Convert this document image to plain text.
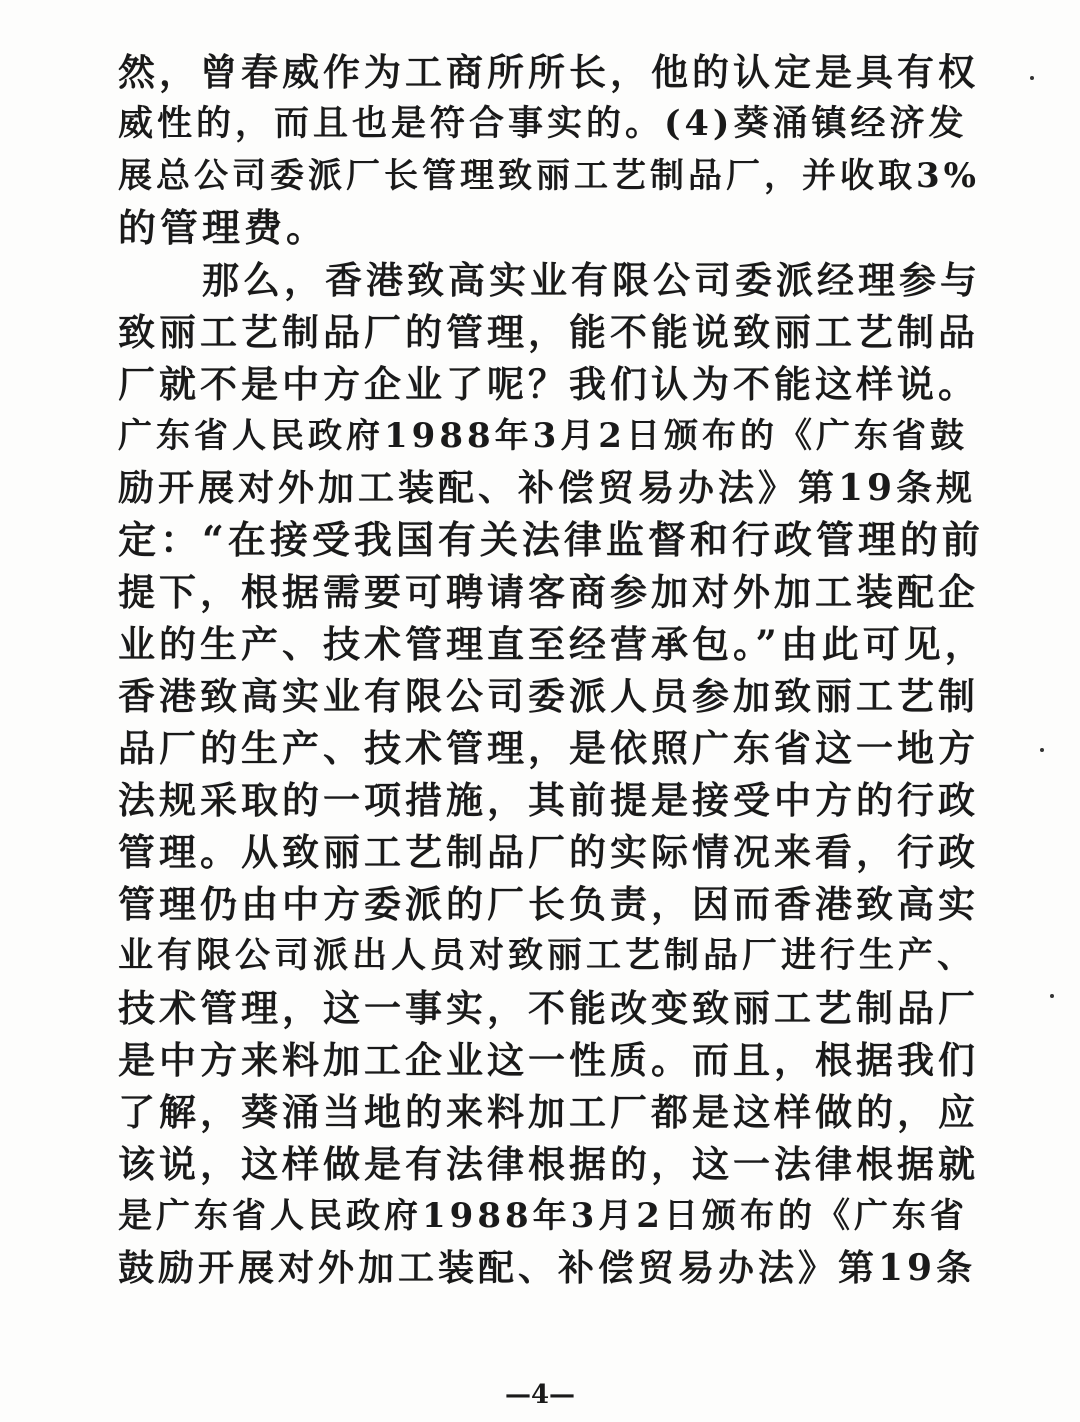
然，曾春威作为工商所所长，他的认定是具有权
威性的，而且也是符合事实的。(4)葵涌镇经济发
展总公司委派厂长管理致丽工艺制品厂，并收取3%
的管理费。
那么，香港致高实业有限公司委派经理参与
致丽工艺制品厂的管理，能不能说致丽工艺制品
厂就不是中方企业了呢？我们认为不能这样说。
广东省人民政府1988年3月2日颁布的《广东省鼓
励开展对外加工装配、补偿贸易办法》第19条规
定：“在接受我国有关法律监督和行政管理的前
提下，根据需要可聘请客商参加对外加工装配企
业的生产、技术管理直至经营承包。”由此可见，
香港致高实业有限公司委派人员参加致丽工艺制
品厂的生产、技术管理，是依照广东省这一地方
法规采取的一项措施，其前提是接受中方的行政
管理。从致丽工艺制品厂的实际情况来看，行政
管理仍由中方委派的厂长负责，因而香港致高实
业有限公司派出人员对致丽工艺制品厂进行生产、
技术管理，这一事实，不能改变致丽工艺制品厂
是中方来料加工企业这一性质。而且，根据我们
了解，葵涌当地的来料加工厂都是这样做的，应
该说，这样做是有法律根据的，这一法律根据就
是广东省人民政府1988年3月2日颁布的《广东省
鼓励开展对外加工装配、补偿贸易办法》第19条
—4—
